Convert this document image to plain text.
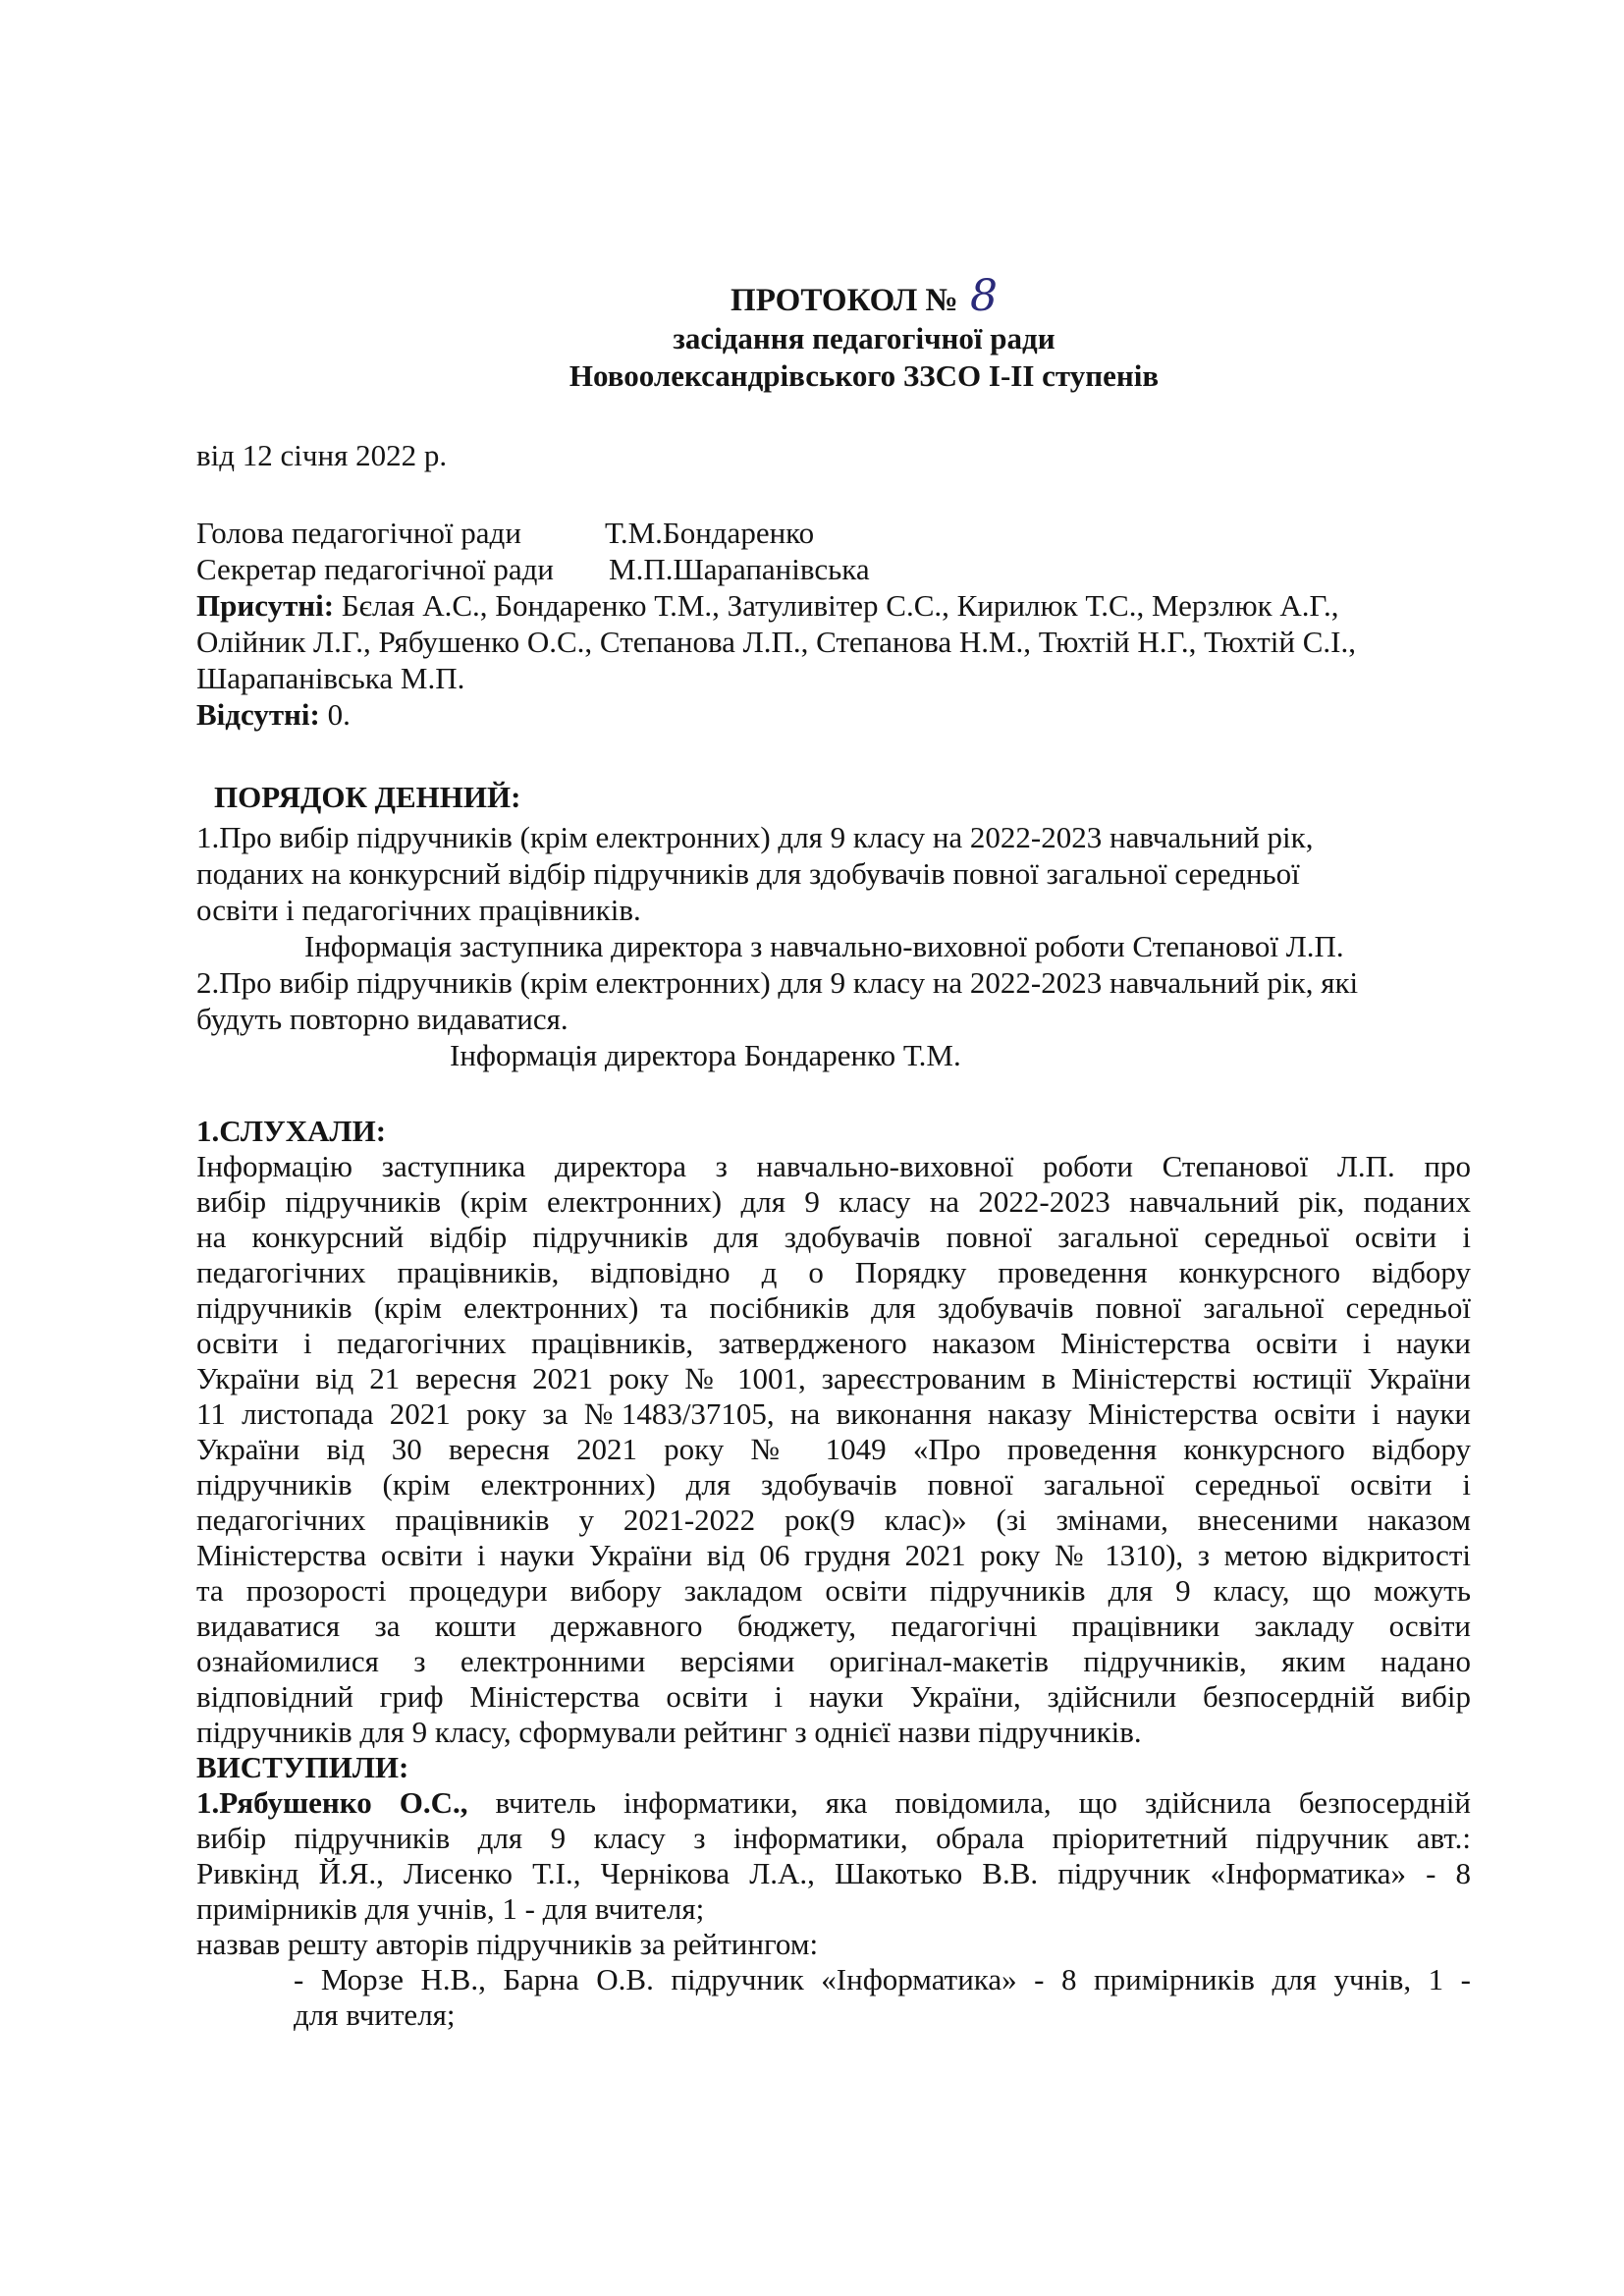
ПРОТОКОЛ № 8
засідання педагогічної ради
Новоолександрівського ЗЗСО І-ІІ ступенів
від 12 січня 2022 р.
Голова педагогічної ради	Т.М.Бондаренко
Секретар педагогічної ради М.П.Шарапанівська
Присутні: Бєлая А.С., Бондаренко Т.М., Затуливітер С.С., Кирилюк Т.С., Мерзлюк А.Г.,
Олійник Л.Г., Рябушенко О.С., Степанова Л.П., Степанова Н.М., Тюхтій Н.Г., Тюхтій С.І.,
Шарапанівська М.П.
Відсутні: 0.
ПОРЯДОК ДЕННИЙ:
1.Про вибір підручників (крім електронних) для 9 класу на 2022-2023 навчальний рік,
поданих на конкурсний відбір підручників для здобувачів повної загальної середньої
освіти і педагогічних працівників.
Інформація заступника директора з навчально-виховної роботи Степанової Л.П.
2.Про вибір підручників (крім електронних) для 9 класу на 2022-2023 навчальний рік, які
будуть повторно видаватися.
Інформація директора Бондаренко Т.М.
1.СЛУХАЛИ:
Інформацію заступника директора з навчально-виховної роботи Степанової Л.П. про
вибір підручників (крім електронних) для 9 класу на 2022-2023 навчальний рік, поданих
на конкурсний відбір підручників для здобувачів повної загальної середньої освіти і
педагогічних працівників, відповідно д о Порядку проведення конкурсного відбору
підручників (крім електронних) та посібників для здобувачів повної загальної середньої
освіти і педагогічних працівників, затвердженого наказом Міністерства освіти і науки
України від 21 вересня 2021 року № 1001, зареєстрованим в Міністерстві юстиції України
11 листопада 2021 року за №1483/37105, на виконання наказу Міністерства освіти і науки
України від 30 вересня 2021 року № 1049 «Про проведення конкурсного відбору
підручників (крім електронних) для здобувачів повної загальної середньої освіти і
педагогічних працівників у 2021-2022 рок(9 клас)» (зі змінами, внесеними наказом
Міністерства освіти і науки України від 06 грудня 2021 року № 1310), з метою відкритості
та прозорості процедури вибору закладом освіти підручників для 9 класу, що можуть
видаватися за кошти державного бюджету, педагогічні працівники закладу освіти
ознайомилися з електронними версіями оригінал-макетів підручників, яким надано
відповідний гриф Міністерства освіти і науки України, здійснили безпосердній вибір
підручників для 9 класу, сформували рейтинг з однієї назви підручників.
ВИСТУПИЛИ:
1.Рябушенко О.С., вчитель інформатики, яка повідомила, що здійснила безпосердній
вибір підручників для 9 класу з інформатики, обрала пріоритетний підручник авт.:
Ривкінд Й.Я., Лисенко Т.І., Чернікова Л.А., Шакотько В.В. підручник «Інформатика» - 8
примірників для учнів, 1 - для вчителя;
назвав решту авторів підручників за рейтингом:
- Морзе Н.В., Барна О.В. підручник «Інформатика» - 8 примірників для учнів, 1 -
для вчителя;
